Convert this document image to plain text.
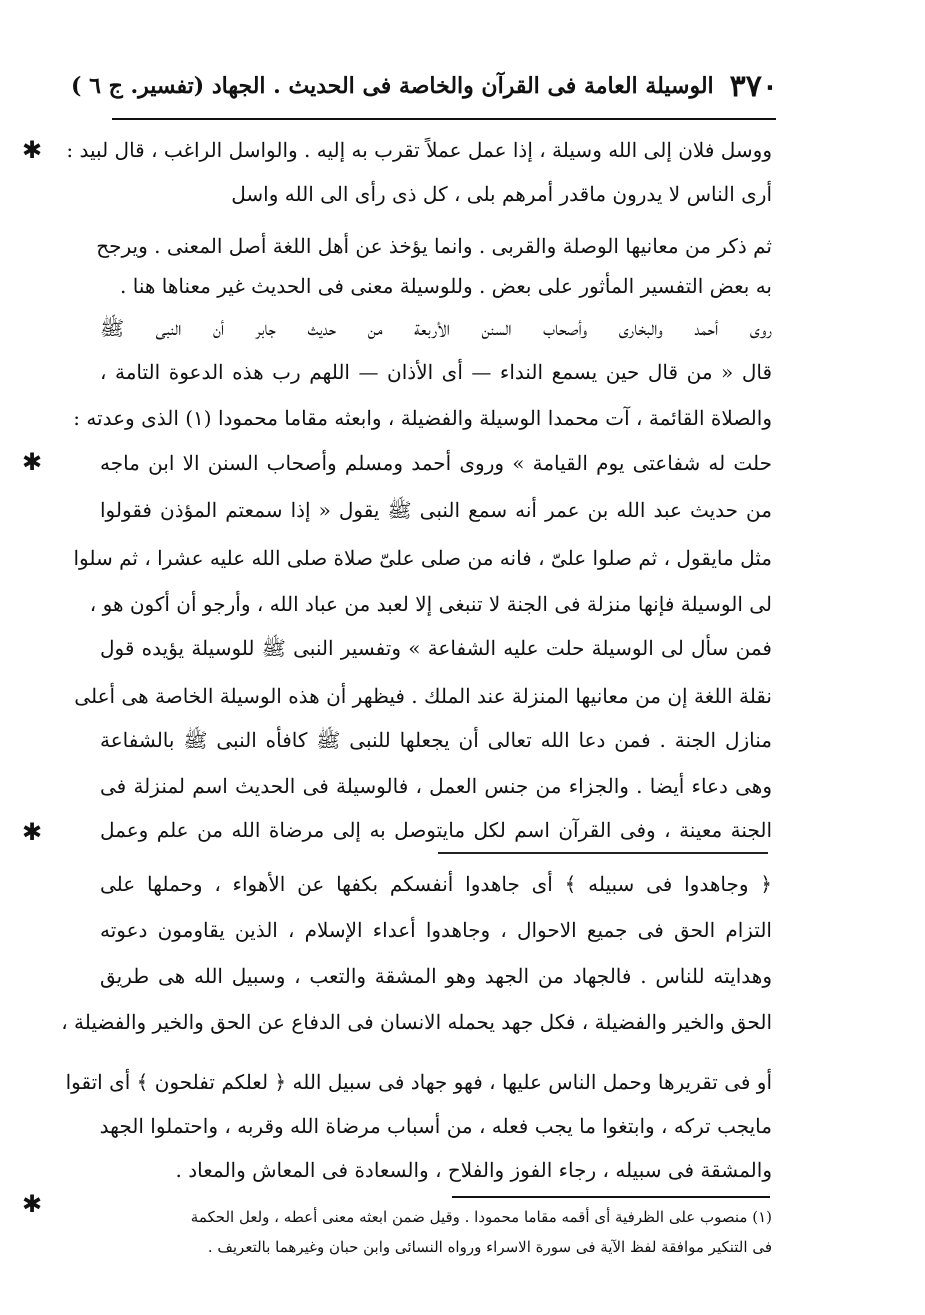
٣٧٠
الوسيلة العامة فى القرآن والخاصة فى الحديث . الجهاد (تفسير. ج ٦ )
ووسل فلان إلى الله وسيلة ، إذا عمل عملاً تقرب به إليه . والواسل الراغب ، قال لبيد :
أرى الناس لا يدرون ماقدر أمرهم بلى ، كل ذى رأى الى الله واسل
ثم ذكر من معانيها الوصلة والقربى . وانما يؤخذ عن أهل اللغة أصل المعنى . ويرجح
به بعض التفسير المأثور على بعض . وللوسيلة معنى فى الحديث غير معناها هنا .
روى أحمد والبخارى وأصحاب السنن الأربعة من حديث جابر أن النبى ﷺ
قال « من قال حين يسمع النداء — أى الأذان — اللهم رب هذه الدعوة التامة ،
والصلاة القائمة ، آت محمدا الوسيلة والفضيلة ، وابعثه مقاما محمودا (١) الذى وعدته :
حلت له شفاعتى يوم القيامة » وروى أحمد ومسلم وأصحاب السنن الا ابن ماجه
من حديث عبد الله بن عمر أنه سمع النبى ﷺ يقول « إذا سمعتم المؤذن فقولوا
مثل مايقول ، ثم صلوا علىّ ، فانه من صلى علىّ صلاة صلى الله عليه عشرا ، ثم سلوا
لى الوسيلة فإنها منزلة فى الجنة لا تنبغى إلا لعبد من عباد الله ، وأرجو أن أكون هو ،
فمن سأل لى الوسيلة حلت عليه الشفاعة » وتفسير النبى ﷺ للوسيلة يؤيده قول
نقلة اللغة إن من معانيها المنزلة عند الملك . فيظهر أن هذه الوسيلة الخاصة هى أعلى
منازل الجنة . فمن دعا الله تعالى أن يجعلها للنبى ﷺ كافأه النبى ﷺ بالشفاعة
وهى دعاء أيضا . والجزاء من جنس العمل ، فالوسيلة فى الحديث اسم لمنزلة فى
الجنة معينة ، وفى القرآن اسم لكل مايتوصل به إلى مرضاة الله من علم وعمل
﴿ وجاهدوا فى سبيله ﴾ أى جاهدوا أنفسكم بكفها عن الأهواء ، وحملها على
التزام الحق فى جميع الاحوال ، وجاهدوا أعداء الإسلام ، الذين يقاومون دعوته
وهدايته للناس . فالجهاد من الجهد وهو المشقة والتعب ، وسبيل الله هى طريق
الحق والخير والفضيلة ، فكل جهد يحمله الانسان فى الدفاع عن الحق والخير والفضيلة ،
أو فى تقريرها وحمل الناس عليها ، فهو جهاد فى سبيل الله ﴿ لعلكم تفلحون ﴾ أى اتقوا
مايجب تركه ، وابتغوا ما يجب فعله ، من أسباب مرضاة الله وقربه ، واحتملوا الجهد
والمشقة فى سبيله ، رجاء الفوز والفلاح ، والسعادة فى المعاش والمعاد .
(١) منصوب على الظرفية أى أقمه مقاما محمودا . وقيل ضمن ابعثه معنى أعطه ، ولعل الحكمة
فى التنكير موافقة لفظ الآية فى سورة الاسراء ورواه النسائى وابن حبان وغيرهما بالتعريف .
✱
✱
✱
✱
